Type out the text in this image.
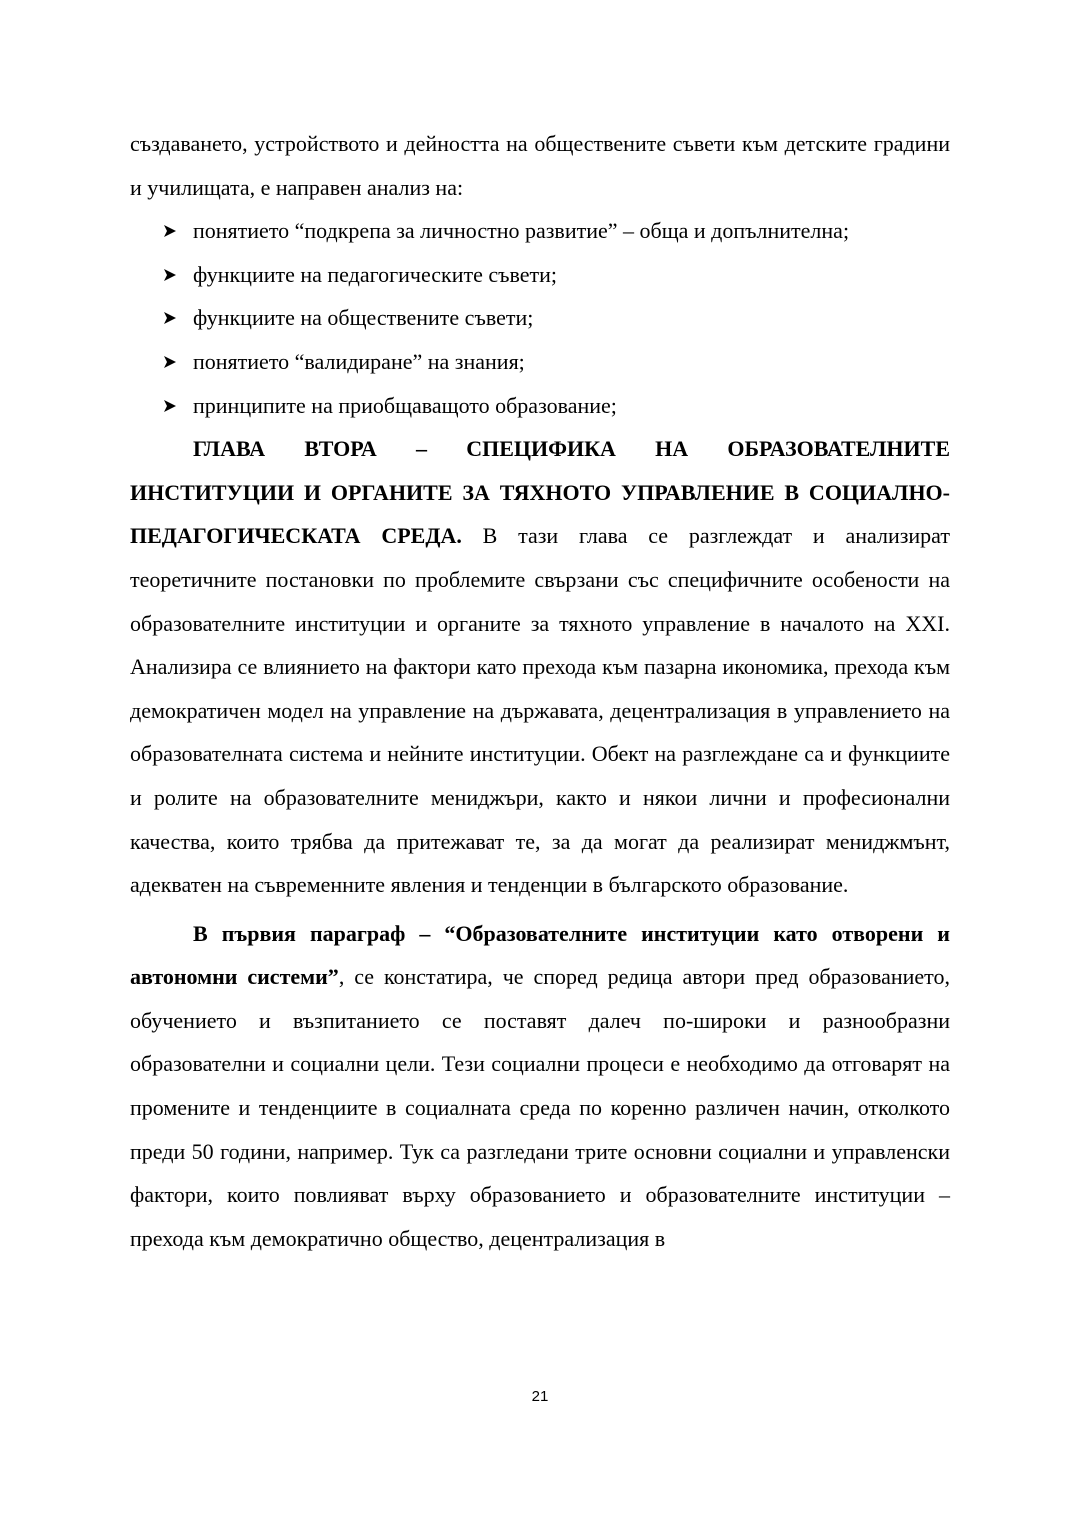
създаването, устройството и дейността на обществените съвети към детските градини и училищата, е направен анализ на:

понятието “подкрепа за личностно развитие” – обща и допълнителна;
функциите на педагогическите съвети;
функциите на обществените съвети;
понятието “валидиране” на знания;
принципите на приобщаващото образование;

ГЛАВА ВТОРА – СПЕЦИФИКА НА ОБРАЗОВАТЕЛНИТЕ ИНСТИТУЦИИ И ОРГАНИТЕ ЗА ТЯХНОТО УПРАВЛЕНИЕ В СОЦИАЛНО-ПЕДАГОГИЧЕСКАТА СРЕДА. В тази глава се разглеждат и анализират теоретичните постановки по проблемите свързани със специфичните особености на образователните институции и органите за тяхното управление в началото на XXI. Анализира се влиянието на фактори като прехода към пазарна икономика, прехода към демократичен модел на управление на държавата, децентрализация в управлението на образователната система и нейните институции. Обект на разглеждане са и функциите и ролите на образователните мениджъри, както и някои лични и професионални качества, които трябва да притежават те, за да могат да реализират мениджмънт, адекватен на съвременните явления и тенденции в българското образование.

В първия параграф – “Образователните институции като отворени и автономни системи”, се констатира, че според редица автори пред образованието, обучението и възпитанието се поставят далеч по-широки и разнообразни образователни и социални цели. Тези социални процеси е необходимо да отговарят на промените и тенденциите в социалната среда по коренно различен начин, отколкото преди 50 години, например. Тук са разгледани трите основни социални и управленски фактори, които повлияват върху образованието и образователните институции – прехода към демократично общество, децентрализация в

21
